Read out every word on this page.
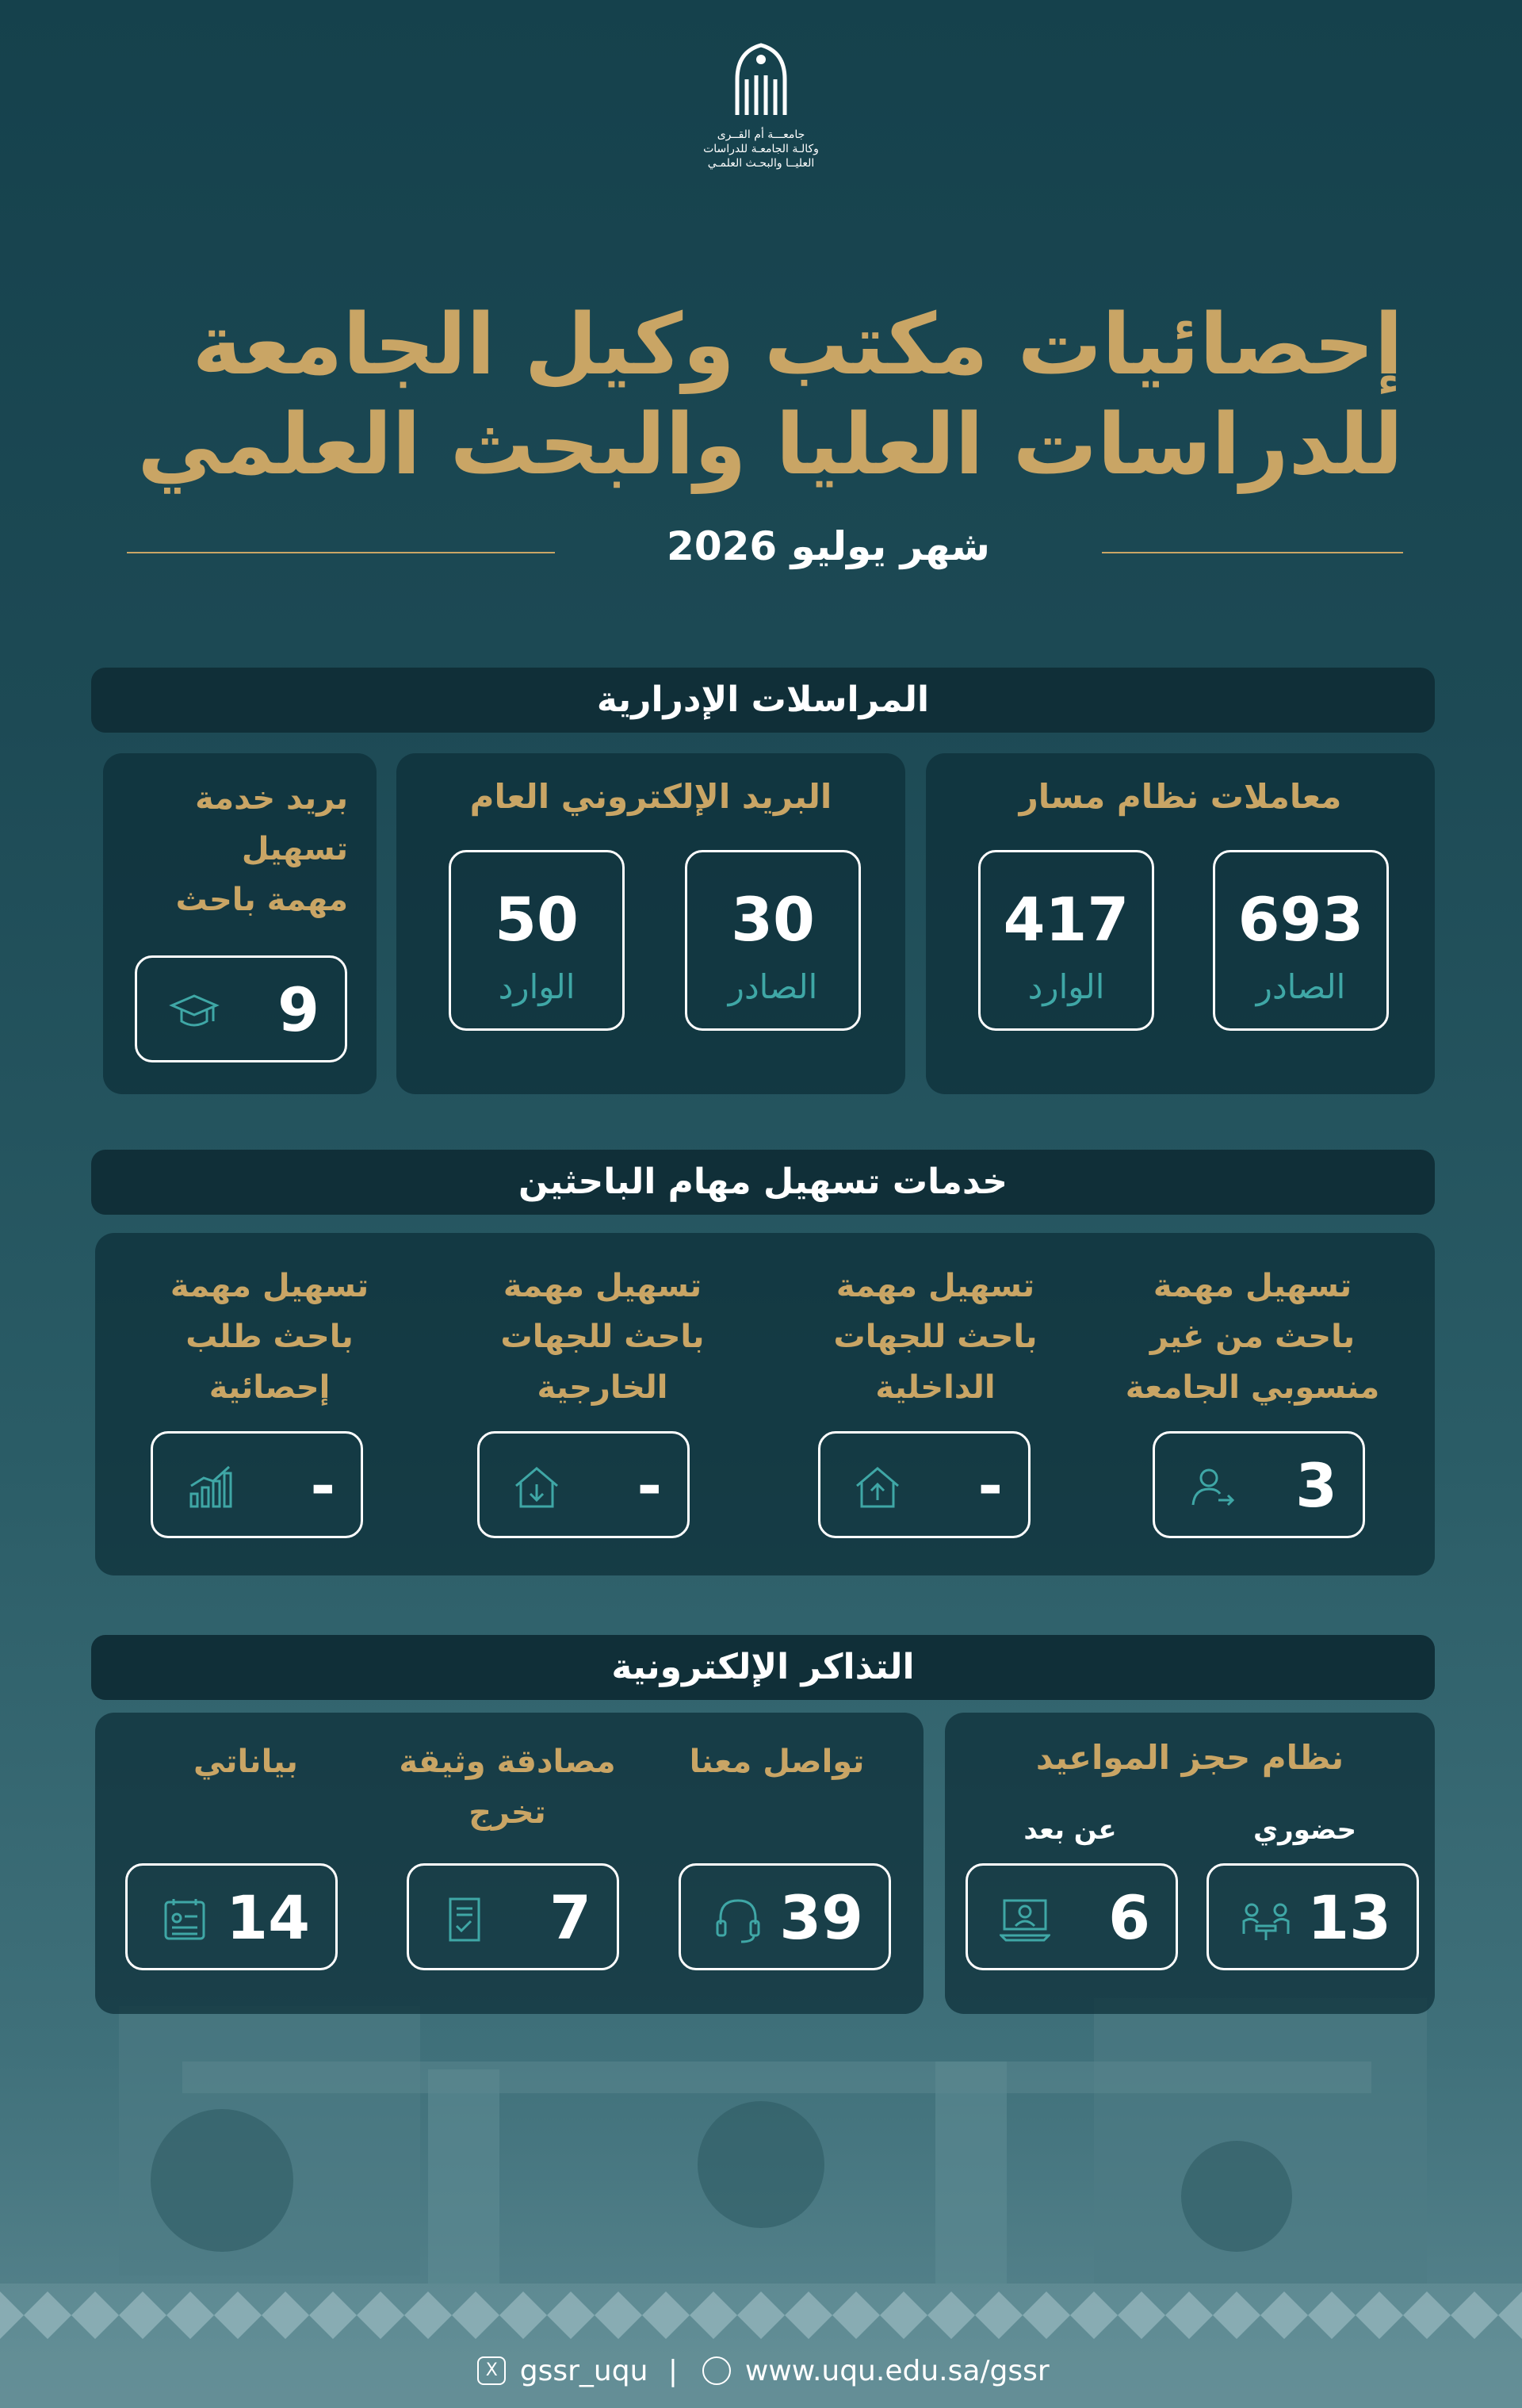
جامعـــة أم القــرى
وكالـة الجامعـة للدراسات
العليــا والبحـث العلمـي
إحصائيات مكتب وكيل الجامعة
للدراسات العليا والبحث العلمي
شهر يوليو 2026
المراسلات الإدرارية
معاملات نظام مسار
693
الصادر
417
الوارد
البريد الإلكتروني العام
30
الصادر
50
الوارد
بريد خدمة
تسهيل
مهمة باحث
9
خدمات تسهيل مهام الباحثين
تسهيل مهمة
باحث من غير
منسوبي الجامعة
3
تسهيل مهمة
باحث للجهات
الداخلية
-
تسهيل مهمة
باحث للجهات
الخارجية
-
تسهيل مهمة
باحث طلب
إحصائية
-
التذاكر الإلكترونية
نظام حجز المواعيد
حضوري
عن بعد
13
6
تواصل معنا
مصادقة وثيقة
تخرج
بياناتي
39
7
14
X gssr_uqu | www.uqu.edu.sa/gssr
